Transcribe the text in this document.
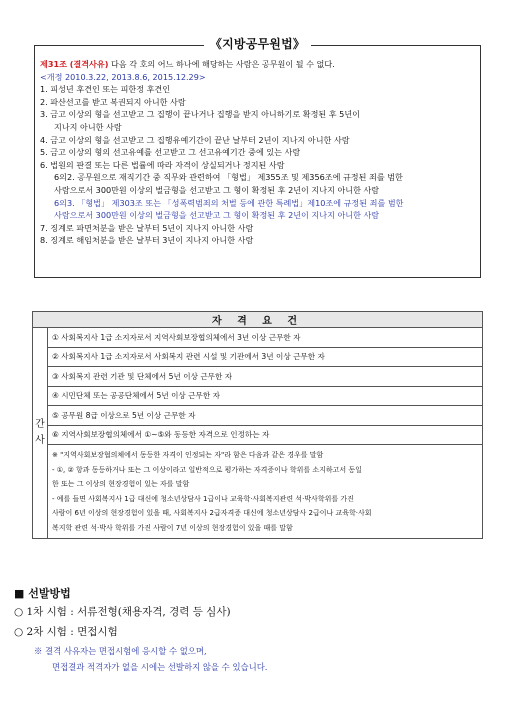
《지방공무원법》
제31조 (결격사유) 다음 각 호의 어느 하나에 해당하는 사람은 공무원이 될 수 없다.
<개정 2010.3.22, 2013.8.6, 2015.12.29>
1. 피성년 후견인 또는 피한정 후견인
2. 파산선고를 받고 복권되지 아니한 사람
3. 금고 이상의 형을 선고받고 그 집행이 끝나거나 집행을 받지 아니하기로 확정된 후 5년이
지나지 아니한 사람
4. 금고 이상의 형을 선고받고 그 집행유예기간이 끝난 날부터 2년이 지나지 아니한 사람
5. 금고 이상의 형의 선고유예를 선고받고 그 선고유예기간 중에 있는 사람
6. 법원의 판결 또는 다른 법률에 따라 자격이 상실되거나 정지된 사람
6의2. 공무원으로 재직기간 중 직무와 관련하여 「형법」 제355조 및 제356조에 규정된 죄를 범한
사람으로서 300만원 이상의 벌금형을 선고받고 그 형이 확정된 후 2년이 지나지 아니한 사람
6의3. 「형법」 제303조 또는 「성폭력범죄의 처벌 등에 관한 특례법」제10조에 규정된 죄를 범한
사람으로서 300만원 이상의 벌금형을 선고받고 그 형이 확정된 후 2년이 지나지 아니한 사람
7. 징계로 파면처분을 받은 날부터 5년이 지나지 아니한 사람
8. 징계로 해임처분을 받은 날부터 3년이 지나지 아니한 사람
자 격 요 건
간
사	① 사회복지사 1급 소지자로서 지역사회보장협의체에서 3년 이상 근무한 자
② 사회복지사 1급 소지자로서 사회복지 관련 시설 및 기관에서 3년 이상 근무한 자
③ 사회복지 관련 기관 및 단체에서 5년 이상 근무한 자
④ 시민단체 또는 공공단체에서 5년 이상 근무한 자
⑤ 공무원 8급 이상으로 5년 이상 근무한 자
⑥ 지역사회보장협의체에서 ①~⑤와 동등한 자격으로 인정하는 자

※ "지역사회보장협의체에서 동등한 자격이 인정되는 자"라 함은 다음과 같은 경우를 말함
- ①, ② 항과 동등하거나 또는 그 이상이라고 일반적으로 평가하는 자격증이나 학위를 소지하고서 동일
한 또는 그 이상의 현장경험이 있는 자를 말함
- 예를 들면 사회복지사 1급 대신에 청소년상담사 1급이나 교육학·사회복지관련 석·박사학위를 가진
사람이 6년 이상의 현장경험이 있을 때, 사회복지사 2급자격증 대신에 청소년상담사 2급이나 교육학·사회
복지학 관련 석·박사 학위를 가진 사람이 7년 이상의 현장경험이 있을 때를 말함
■ 선발방법
○ 1차 시험 : 서류전형(채용자격, 경력 등 심사)
○ 2차 시험 : 면접시험
※ 결격 사유자는 면접시험에 응시할 수 없으며,
면접결과 적격자가 없을 시에는 선발하지 않을 수 있습니다.
